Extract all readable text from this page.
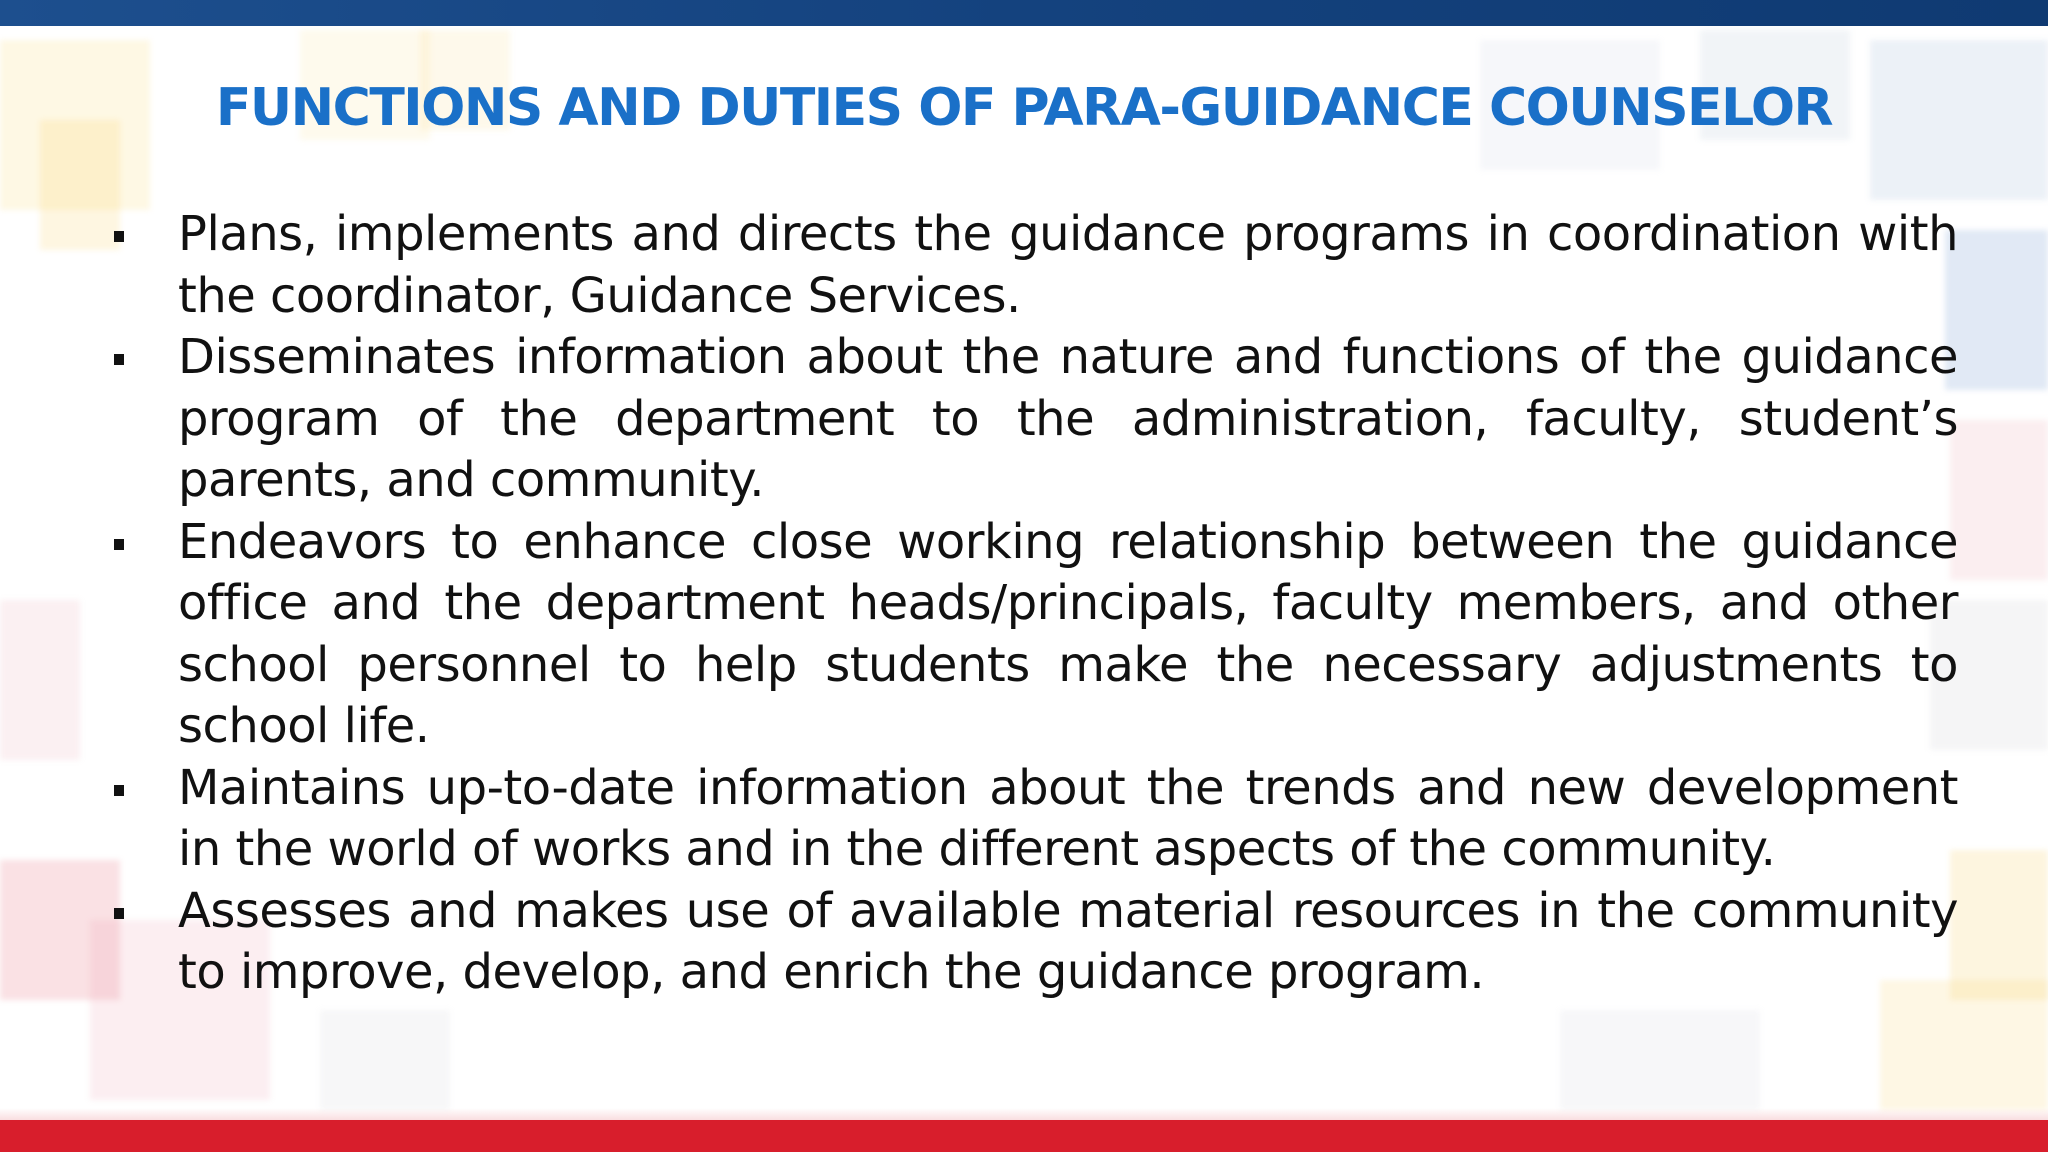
FUNCTIONS AND DUTIES OF PARA-GUIDANCE COUNSELOR
Plans, implements and directs the guidance programs in coordination with the coordinator, Guidance Services.
Disseminates information about the nature and functions of the guidance program of the department to the administration, faculty, student’s parents, and community.
Endeavors to enhance close working relationship between the guidance office and the department heads/principals, faculty members, and other school personnel to help students make the necessary adjustments to school life.
Maintains up-to-date information about the trends and new development in the world of works and in the different aspects of the community.
Assesses and makes use of available material resources in the community to improve, develop, and enrich the guidance program.
